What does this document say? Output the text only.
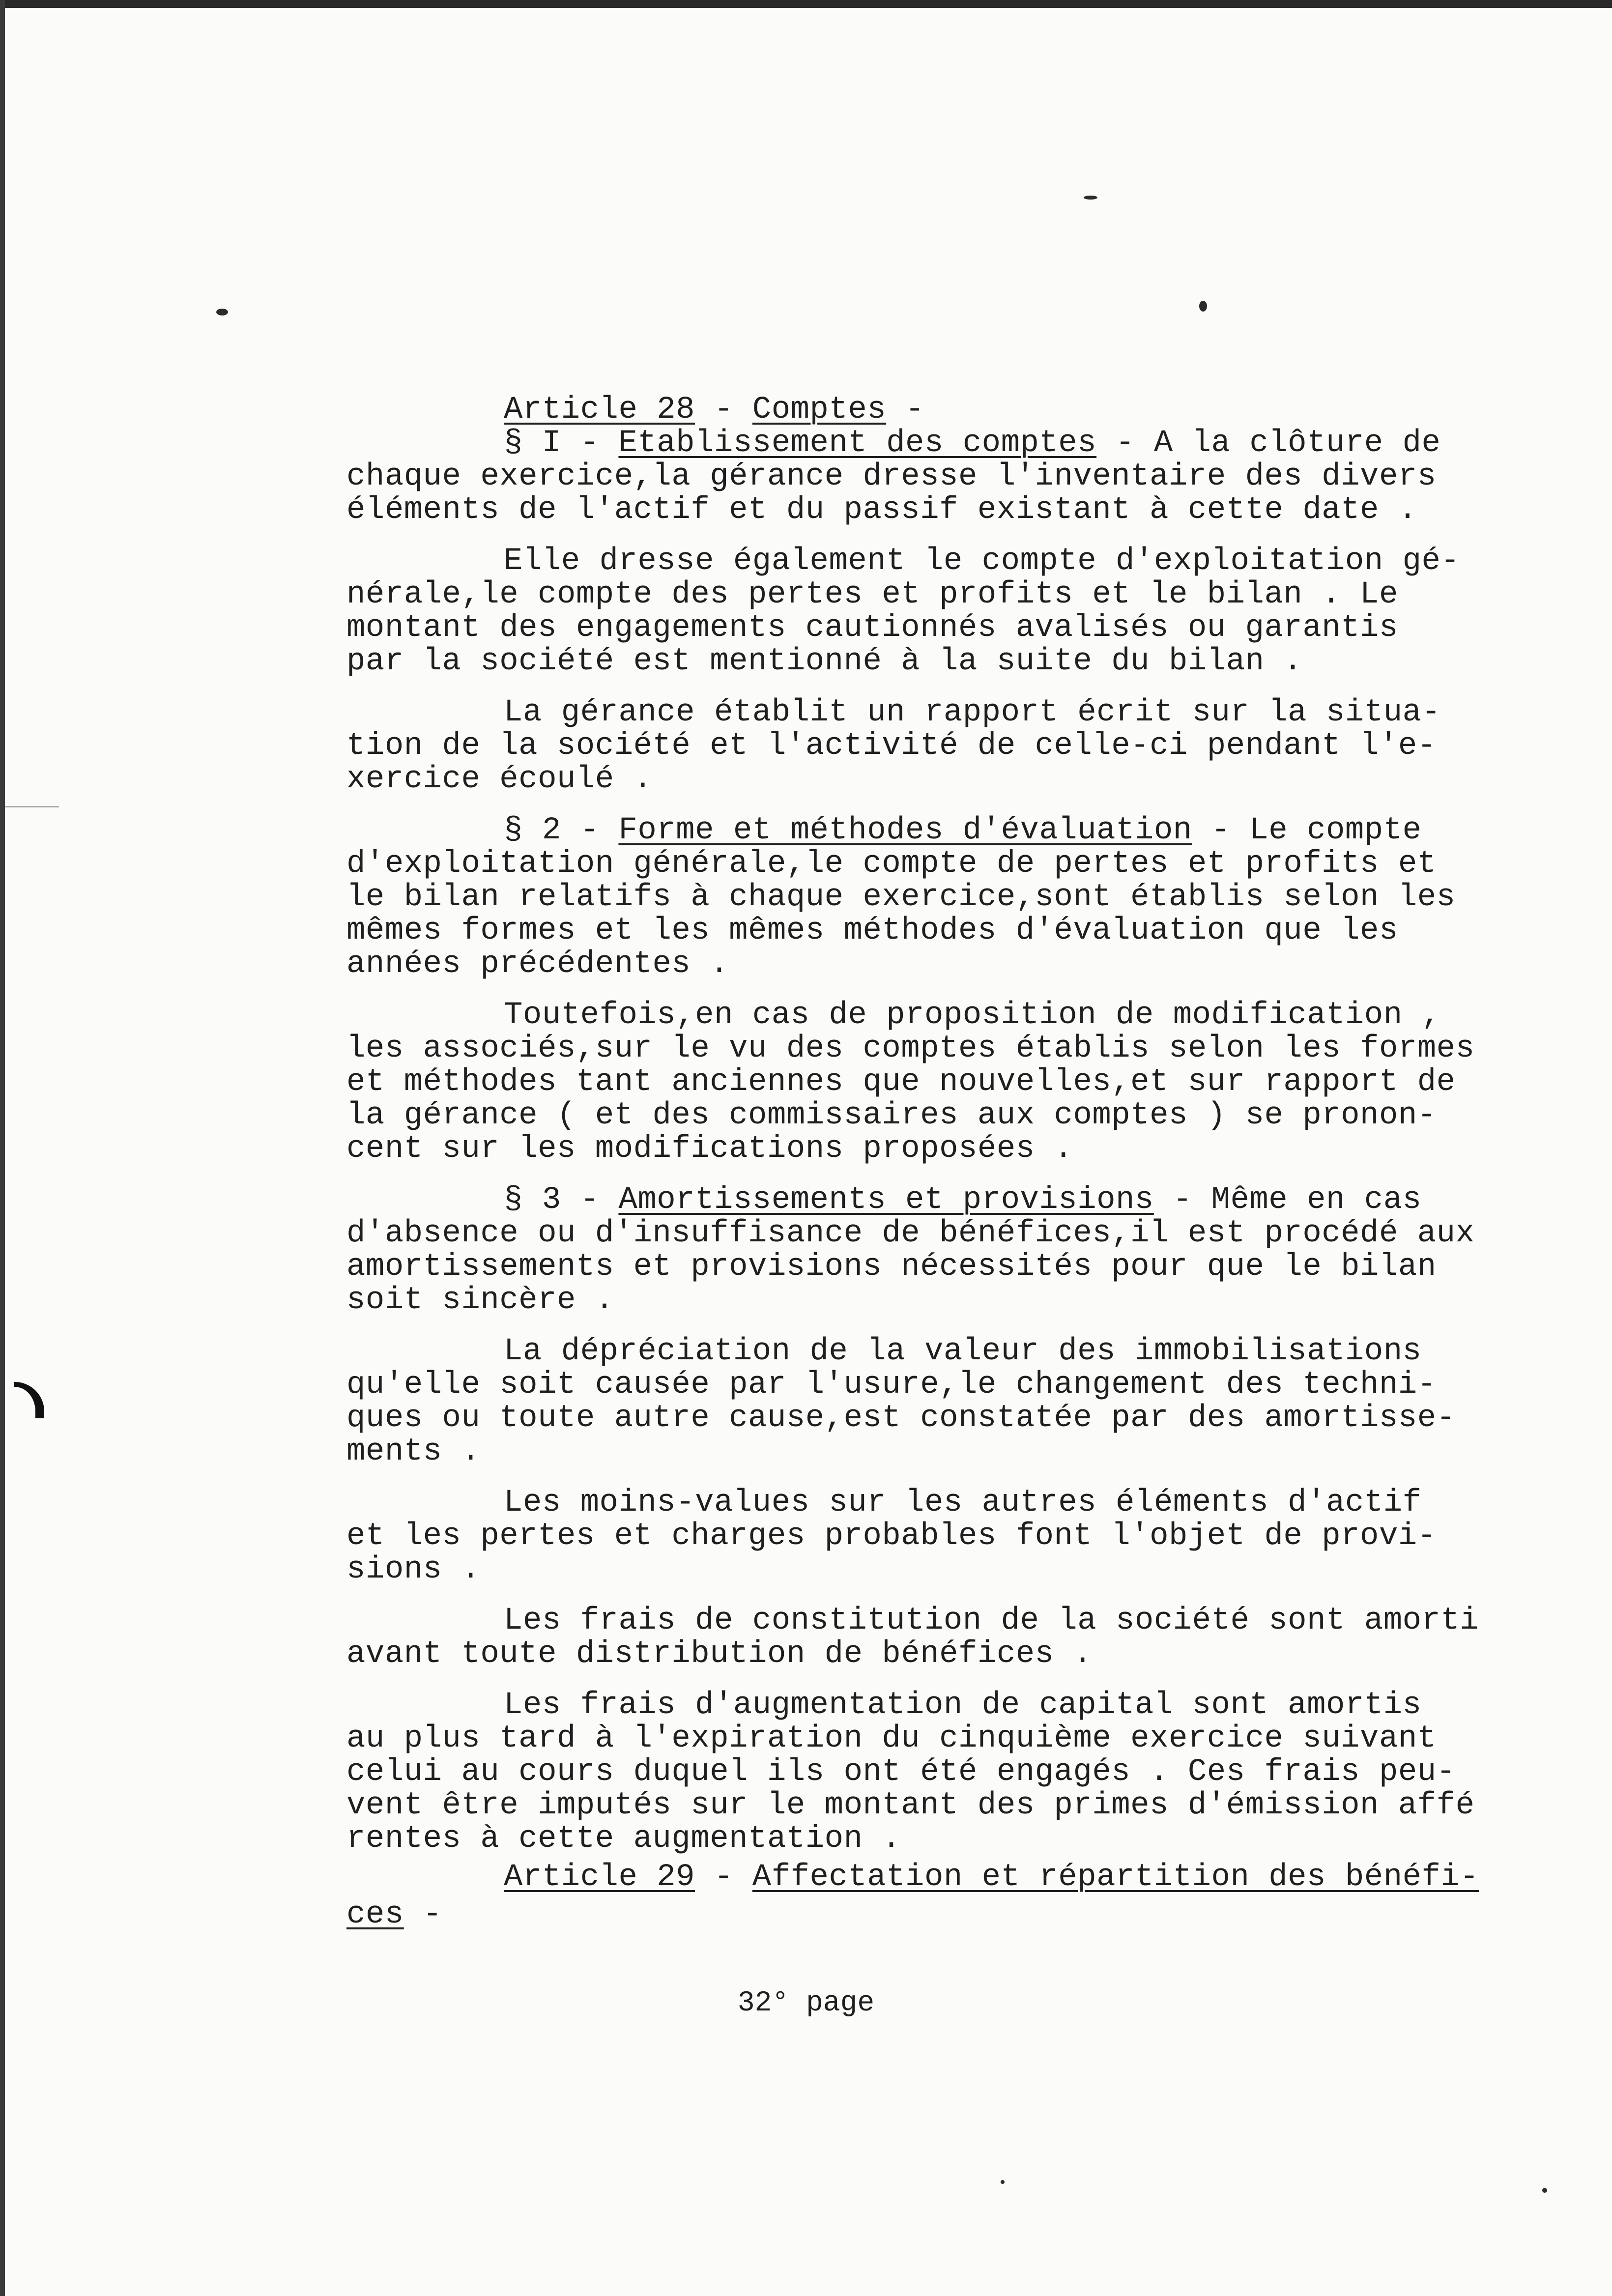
Article 28 - Comptes -
§ I - Etablissement des comptes - A la clôture de
chaque exercice,la gérance dresse l'inventaire des divers
éléments de l'actif et du passif existant à cette date .
Elle dresse également le compte d'exploitation gé-
nérale,le compte des pertes et profits et le bilan . Le
montant des engagements cautionnés avalisés ou garantis
par la société est mentionné à la suite du bilan .
La gérance établit un rapport écrit sur la situa-
tion de la société et l'activité de celle-ci pendant l'e-
xercice écoulé .
§ 2 - Forme et méthodes d'évaluation - Le compte
d'exploitation générale,le compte de pertes et profits et
le bilan relatifs à chaque exercice,sont établis selon les
mêmes formes et les mêmes méthodes d'évaluation que les
années précédentes .
Toutefois,en cas de proposition de modification ,
les associés,sur le vu des comptes établis selon les formes
et méthodes tant anciennes que nouvelles,et sur rapport de
la gérance ( et des commissaires aux comptes ) se pronon-
cent sur les modifications proposées .
§ 3 - Amortissements et provisions - Même en cas
d'absence ou d'insuffisance de bénéfices,il est procédé aux
amortissements et provisions nécessités pour que le bilan
soit sincère .
La dépréciation de la valeur des immobilisations
qu'elle soit causée par l'usure,le changement des techni-
ques ou toute autre cause,est constatée par des amortisse-
ments .
Les moins-values sur les autres éléments d'actif
et les pertes et charges probables font l'objet de provi-
sions .
Les frais de constitution de la société sont amorti
avant toute distribution de bénéfices .
Les frais d'augmentation de capital sont amortis
au plus tard à l'expiration du cinquième exercice suivant
celui au cours duquel ils ont été engagés . Ces frais peu-
vent être imputés sur le montant des primes d'émission affé
rentes à cette augmentation .
Article 29 - Affectation et répartition des bénéfi-
ces -
32° page
